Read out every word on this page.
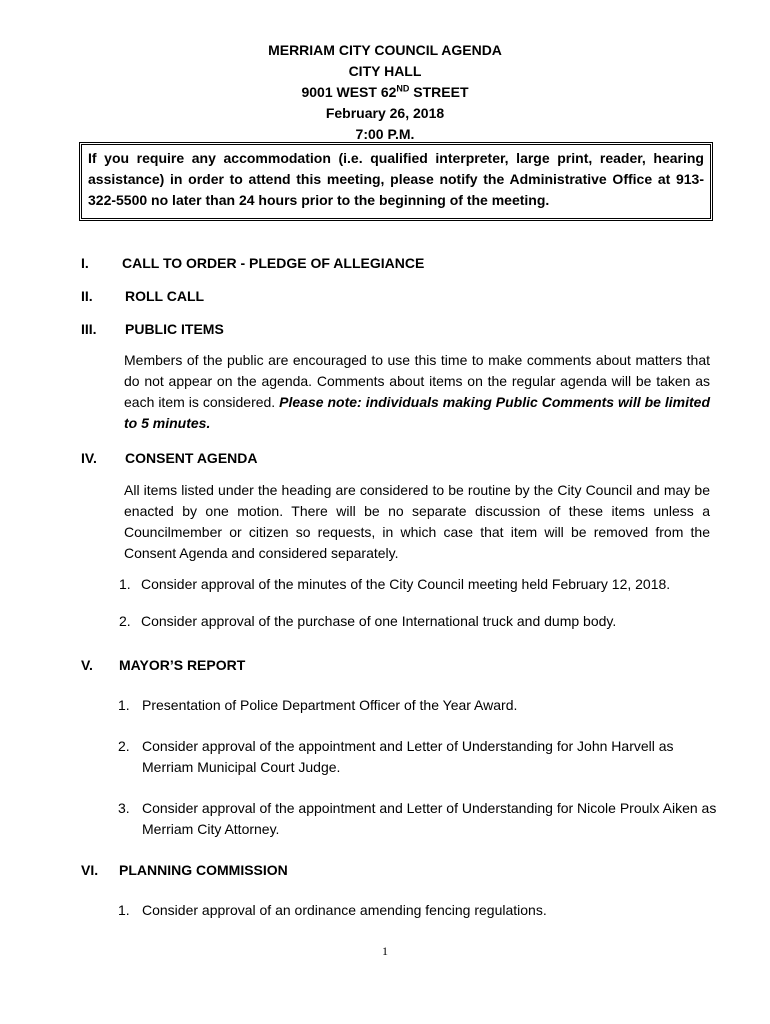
MERRIAM CITY COUNCIL AGENDA
CITY HALL
9001 WEST 62ND STREET
February 26, 2018
7:00 P.M.
If you require any accommodation (i.e. qualified interpreter, large print, reader, hearing assistance) in order to attend this meeting, please notify the Administrative Office at 913-322-5500 no later than 24 hours prior to the beginning of the meeting.
I. CALL TO ORDER - PLEDGE OF ALLEGIANCE
II. ROLL CALL
III. PUBLIC ITEMS
Members of the public are encouraged to use this time to make comments about matters that do not appear on the agenda. Comments about items on the regular agenda will be taken as each item is considered. Please note: individuals making Public Comments will be limited to 5 minutes.
IV. CONSENT AGENDA
All items listed under the heading are considered to be routine by the City Council and may be enacted by one motion. There will be no separate discussion of these items unless a Councilmember or citizen so requests, in which case that item will be removed from the Consent Agenda and considered separately.
1. Consider approval of the minutes of the City Council meeting held February 12, 2018.
2. Consider approval of the purchase of one International truck and dump body.
V. MAYOR’S REPORT
1. Presentation of Police Department Officer of the Year Award.
2. Consider approval of the appointment and Letter of Understanding for John Harvell as Merriam Municipal Court Judge.
3. Consider approval of the appointment and Letter of Understanding for Nicole Proulx Aiken as Merriam City Attorney.
VI. PLANNING COMMISSION
1. Consider approval of an ordinance amending fencing regulations.
1
